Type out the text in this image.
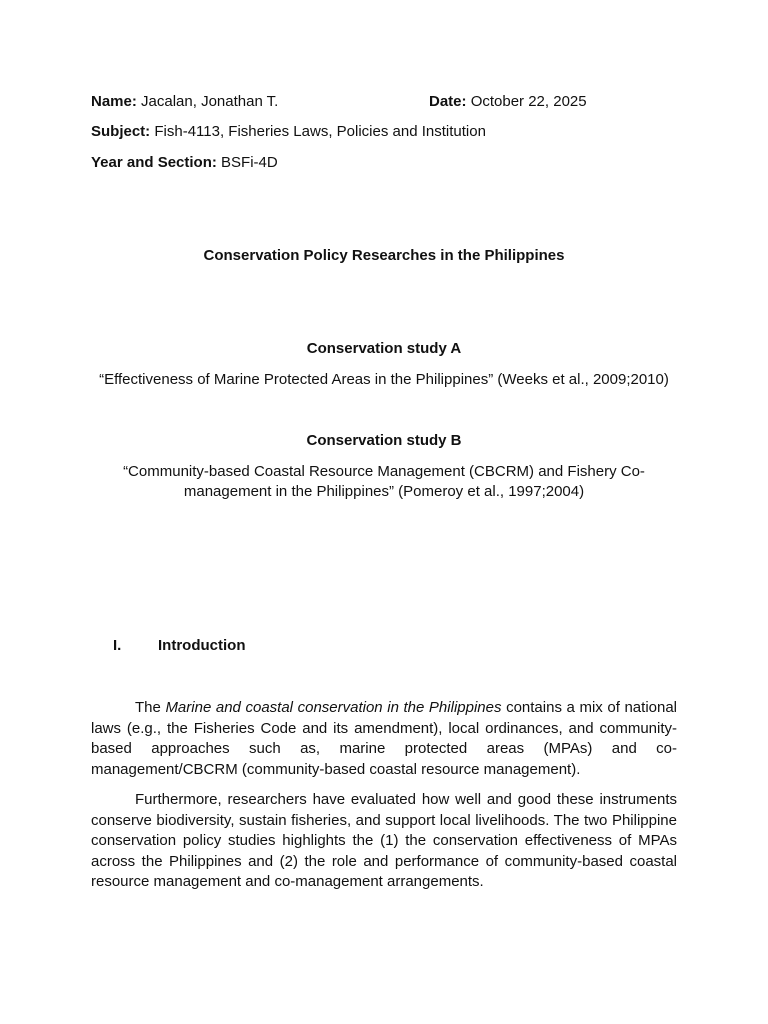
Name: Jacalan, Jonathan T.	Date: October 22, 2025
Subject: Fish-4113, Fisheries Laws, Policies and Institution
Year and Section: BSFi-4D
Conservation Policy Researches in the Philippines
Conservation study A
“Effectiveness of Marine Protected Areas in the Philippines” (Weeks et al., 2009;2010)
Conservation study B
“Community-based Coastal Resource Management (CBCRM) and Fishery Co-management in the Philippines” (Pomeroy et al., 1997;2004)
I. Introduction

The Marine and coastal conservation in the Philippines contains a mix of national laws (e.g., the Fisheries Code and its amendment), local ordinances, and community-based approaches such as, marine protected areas (MPAs) and co-management/CBCRM (community-based coastal resource management).

Furthermore, researchers have evaluated how well and good these instruments conserve biodiversity, sustain fisheries, and support local livelihoods. The two Philippine conservation policy studies highlights the (1) the conservation effectiveness of MPAs across the Philippines and (2) the role and performance of community-based coastal resource management and co-management arrangements.
